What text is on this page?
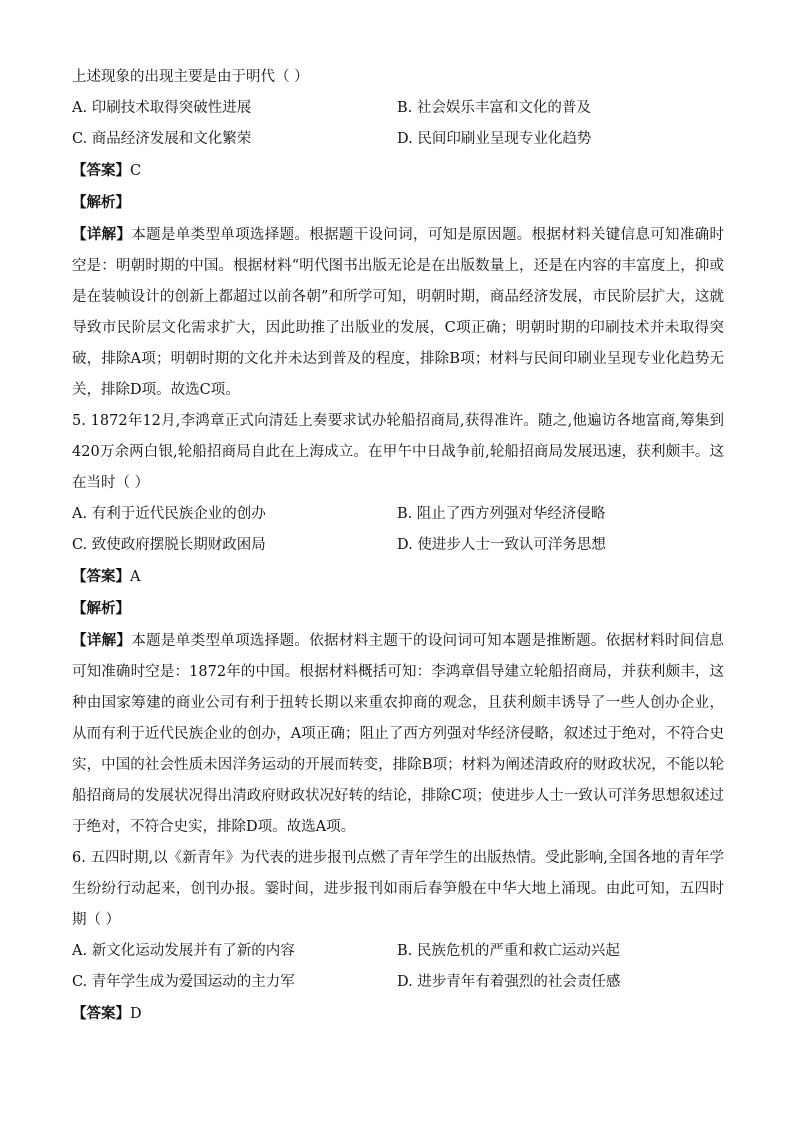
上述现象的出现主要是由于明代（ ）
A. 印刷技术取得突破性进展	B. 社会娱乐丰富和文化的普及
C. 商品经济发展和文化繁荣	D. 民间印刷业呈现专业化趋势
【答案】C
【解析】
【详解】本题是单类型单项选择题。根据题干设问词，可知是原因题。根据材料关键信息可知准确时空是：明朝时期的中国。根据材料“明代图书出版无论是在出版数量上，还是在内容的丰富度上，抑或是在装帧设计的创新上都超过以前各朝”和所学可知，明朝时期，商品经济发展，市民阶层扩大，这就导致市民阶层文化需求扩大，因此助推了出版业的发展，C项正确；明朝时期的印刷技术并未取得突破，排除A项；明朝时期的文化并未达到普及的程度，排除B项；材料与民间印刷业呈现专业化趋势无关，排除D项。故选C项。
5. 1872年12月,李鸿章正式向清廷上奏要求试办轮船招商局,获得准许。随之,他遍访各地富商,筹集到420万余两白银,轮船招商局自此在上海成立。在甲午中日战争前,轮船招商局发展迅速，获利颇丰。这在当时（ ）
A. 有利于近代民族企业的创办	B. 阻止了西方列强对华经济侵略
C. 致使政府摆脱长期财政困局	D. 使进步人士一致认可洋务思想
【答案】A
【解析】
【详解】本题是单类型单项选择题。依据材料主题干的设问词可知本题是推断题。依据材料时间信息可知准确时空是：1872年的中国。根据材料概括可知：李鸿章倡导建立轮船招商局，并获利颇丰，这种由国家筹建的商业公司有利于扭转长期以来重农抑商的观念，且获利颇丰诱导了一些人创办企业，从而有利于近代民族企业的创办，A项正确；阻止了西方列强对华经济侵略，叙述过于绝对，不符合史实，中国的社会性质未因洋务运动的开展而转变，排除B项；材料为阐述清政府的财政状况，不能以轮船招商局的发展状况得出清政府财政状况好转的结论，排除C项；使进步人士一致认可洋务思想叙述过于绝对，不符合史实，排除D项。故选A项。
6. 五四时期,以《新青年》为代表的进步报刊点燃了青年学生的出版热情。受此影响,全国各地的青年学生纷纷行动起来，创刊办报。霎时间，进步报刊如雨后春笋般在中华大地上涌现。由此可知，五四时期（ ）
A. 新文化运动发展并有了新的内容	B. 民族危机的严重和救亡运动兴起
C. 青年学生成为爱国运动的主力军	D. 进步青年有着强烈的社会责任感
【答案】D
